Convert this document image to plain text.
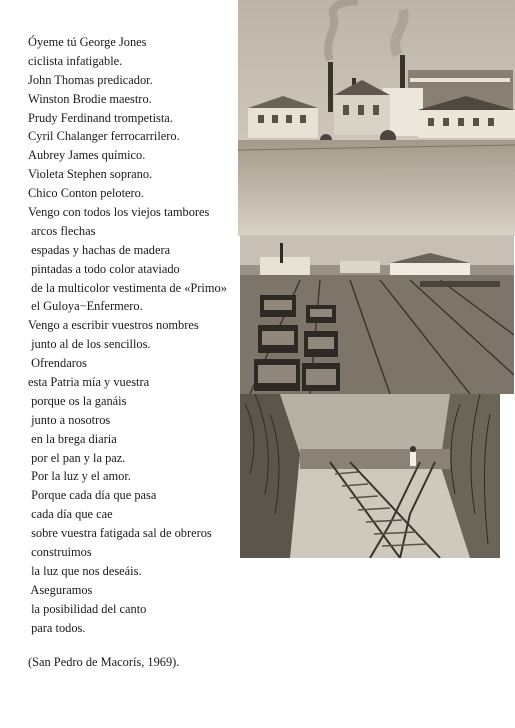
Óyeme tú George Jones
ciclista infatigable.
John Thomas predicador.
Winston Brodie maestro.
Prudy Ferdinand trompetista.
Cyril Chalanger ferrocarrilero.
Aubrey James químico.
Violeta Stephen soprano.
Chico Conton pelotero.
Vengo con todos los viejos tambores
arcos flechas
espadas y hachas de madera
pintadas a todo color ataviado
de la multicolor vestimenta de «Primo»
el Guloya−Enfermero.
Vengo a escribir vuestros nombres
junto al de los sencillos.
Ofrendaros
esta Patria mía y vuestra
porque os la ganáis
junto a nosotros
en la brega diaria
por el pan y la paz.
Por la luz y el amor.
Porque cada día que pasa
cada día que cae
sobre vuestra fatigada sal de obreros
construimos
la luz que nos deseáis.
Aseguramos
la posibilidad del canto
para todos.
(San Pedro de Macorís, 1969).
